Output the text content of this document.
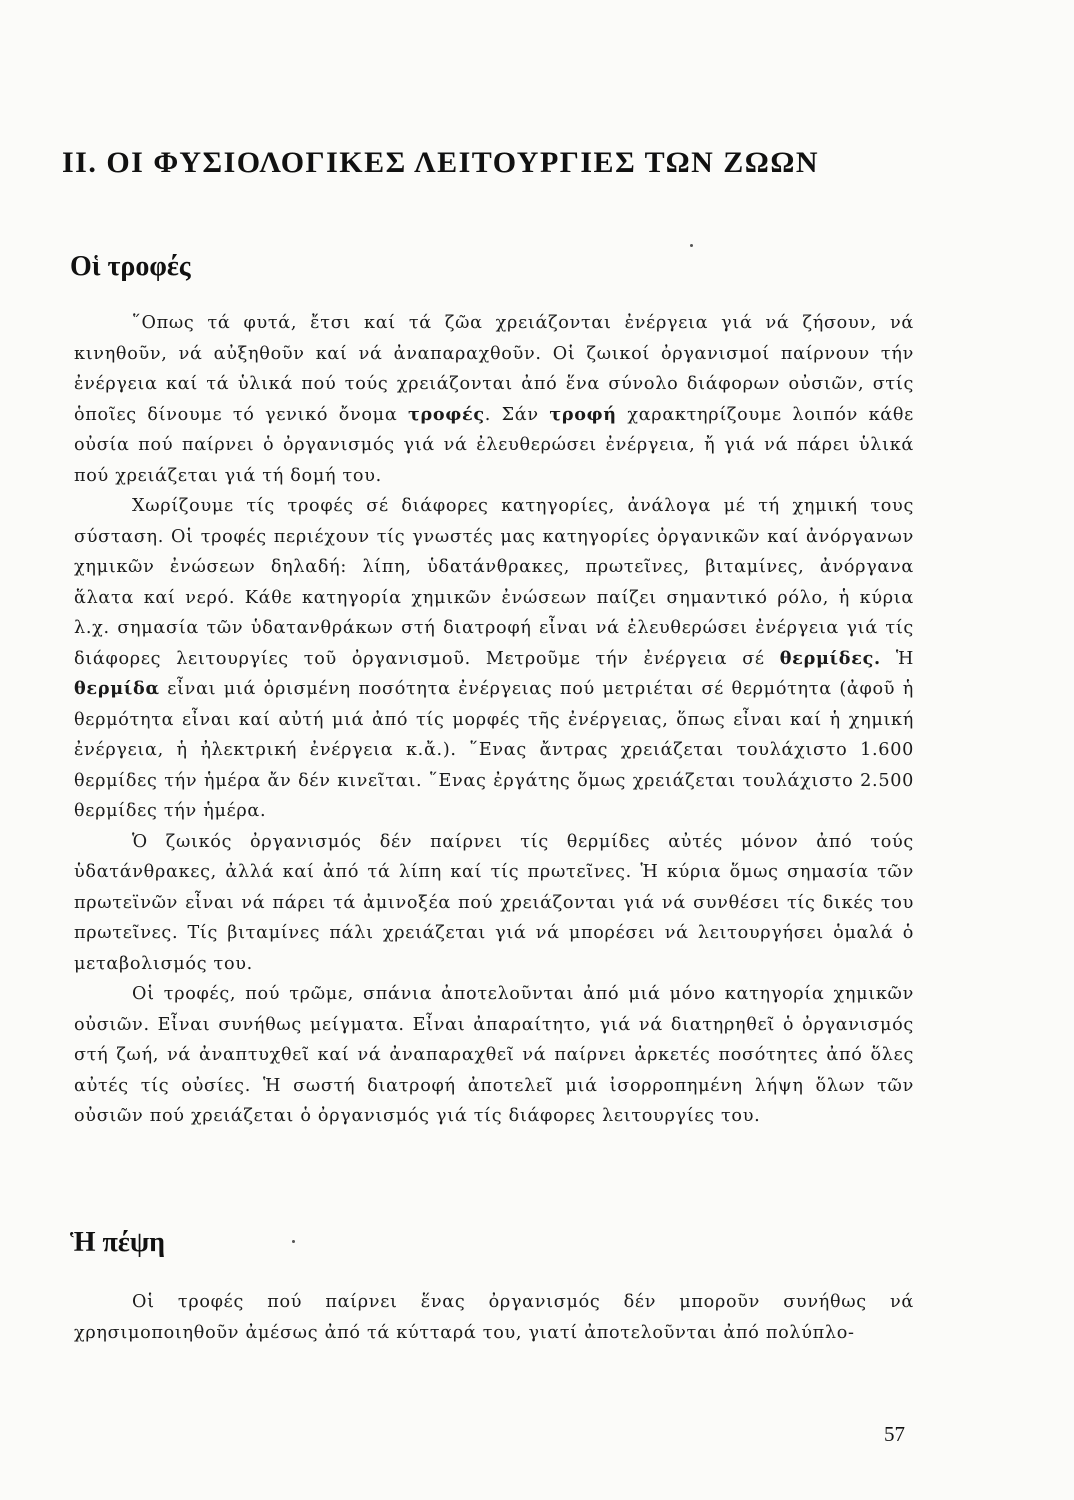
ΙΙ. ΟΙ ΦΥΣΙΟΛΟΓΙΚΕΣ ΛΕΙΤΟΥΡΓΙΕΣ ΤΩΝ ΖΩΩΝ
Οἱ τροφές

῞Οπως τά φυτά, ἔτσι καί τά ζῶα χρειάζονται ἐνέργεια γιά νά ζήσουν, νά κινηθοῦν, νά αὐξηθοῦν καί νά ἀναπαραχθοῦν. Οἱ ζωικοί ὀργανισμοί παίρνουν τήν ἐνέργεια καί τά ὑλικά πού τούς χρειάζονται ἀπό ἕνα σύνολο διάφορων οὐσιῶν, στίς ὁποῖες δίνουμε τό γενικό ὄνομα τροφές. Σάν τροφή χαρακτηρίζουμε λοιπόν κάθε οὐσία πού παίρνει ὁ ὀργανισμός γιά νά ἐλευθερώσει ἐνέργεια, ἤ γιά νά πάρει ὑλικά πού χρειάζεται γιά τή δομή του.

Χωρίζουμε τίς τροφές σέ διάφορες κατηγορίες, ἀνάλογα μέ τή χημική τους σύσταση. Οἱ τροφές περιέχουν τίς γνωστές μας κατηγορίες ὀργανικῶν καί ἀνόργανων χημικῶν ἐνώσεων δηλαδή: λίπη, ὑδατάνθρακες, πρωτεῖνες, βιταμίνες, ἀνόργανα ἅλατα καί νερό. Κάθε κατηγορία χημικῶν ἐνώσεων παίζει σημαντικό ρόλο, ἡ κύρια λ.χ. σημασία τῶν ὑδατανθράκων στή διατροφή εἶναι νά ἐλευθερώσει ἐνέργεια γιά τίς διάφορες λειτουργίες τοῦ ὀργανισμοῦ. Μετροῦμε τήν ἐνέργεια σέ θερμίδες. Ἡ θερμίδα εἶναι μιά ὁρισμένη ποσότητα ἐνέργειας πού μετριέται σέ θερμότητα (ἀφοῦ ἡ θερμότητα εἶναι καί αὐτή μιά ἀπό τίς μορφές τῆς ἐνέργειας, ὅπως εἶναι καί ἡ χημική ἐνέργεια, ἡ ἠλεκτρική ἐνέργεια κ.ἄ.). ῞Ενας ἄντρας χρειάζεται τουλάχιστο 1.600 θερμίδες τήν ἡμέρα ἄν δέν κινεῖται. ῞Ενας ἐργάτης ὅμως χρειάζεται τουλάχιστο 2.500 θερμίδες τήν ἡμέρα.

Ὁ ζωικός ὀργανισμός δέν παίρνει τίς θερμίδες αὐτές μόνον ἀπό τούς ὑδατάνθρακες, ἀλλά καί ἀπό τά λίπη καί τίς πρωτεῖνες. Ἡ κύρια ὅμως σημασία τῶν πρωτεϊνῶν εἶναι νά πάρει τά ἀμινοξέα πού χρειάζονται γιά νά συνθέσει τίς δικές του πρωτεῖνες. Τίς βιταμίνες πάλι χρειάζεται γιά νά μπορέσει νά λειτουργήσει ὁμαλά ὁ μεταβολισμός του.

Οἱ τροφές, πού τρῶμε, σπάνια ἀποτελοῦνται ἀπό μιά μόνο κατηγορία χημικῶν οὐσιῶν. Εἶναι συνήθως μείγματα. Εἶναι ἀπαραίτητο, γιά νά διατηρηθεῖ ὁ ὀργανισμός στή ζωή, νά ἀναπτυχθεῖ καί νά ἀναπαραχθεῖ νά παίρνει ἀρκετές ποσότητες ἀπό ὅλες αὐτές τίς οὐσίες. Ἡ σωστή διατροφή ἀποτελεῖ μιά ἰσορροπημένη λήψη ὅλων τῶν οὐσιῶν πού χρειάζεται ὁ ὀργανισμός γιά τίς διάφορες λειτουργίες του.

Ἡ πέψη

Οἱ τροφές πού παίρνει ἕνας ὀργανισμός δέν μποροῦν συνήθως νά χρησιμοποιηθοῦν ἀμέσως ἀπό τά κύτταρά του, γιατί ἀποτελοῦνται ἀπό πολύπλο-

57
